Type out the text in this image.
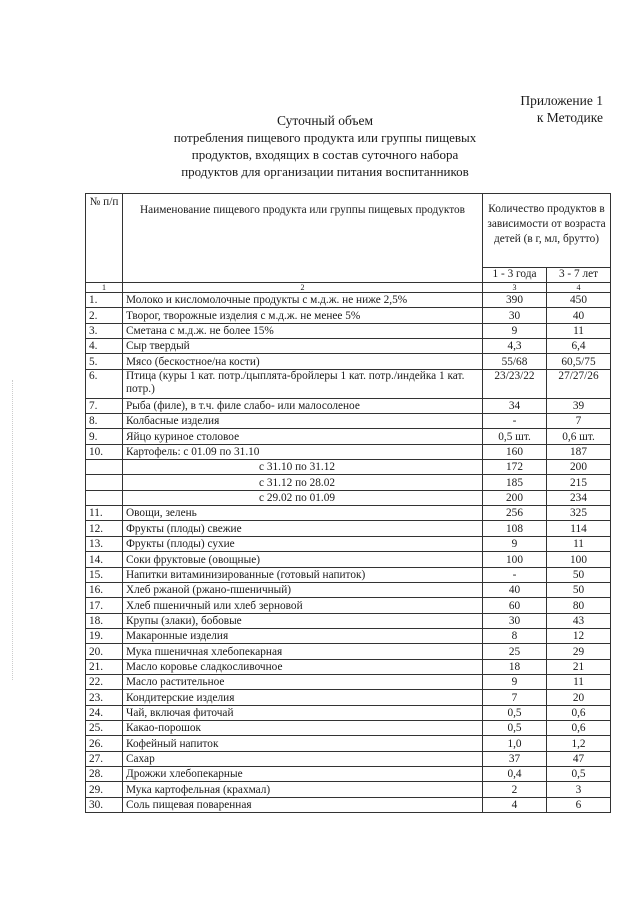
Приложение 1
к Методике
Суточный объем
потребления пищевого продукта или группы пищевых
продуктов, входящих в состав суточного набора
продуктов для организации питания воспитанников
№ п/п	Наименование пищевого продукта или группы пищевых продуктов	Количество продуктов в зависимости от возраста детей (в г, мл, брутто)	
		1 - 3 года	3 - 7 лет
1	2	3	4
1.	Молоко и кисломолочные продукты с м.д.ж. не ниже 2,5%	390	450
2.	Творог, творожные изделия с м.д.ж. не менее 5%	30	40
3.	Сметана с м.д.ж. не более 15%	9	11
4.	Сыр твердый	4,3	6,4
5.	Мясо (бескостное/на кости)	55/68	60,5/75
6.	Птица (куры 1 кат. потр./цыплята-бройлеры 1 кат. потр./индейка 1 кат. потр.)	23/23/22	27/27/26
7.	Рыба (филе), в т.ч. филе слабо- или малосоленое	34	39
8.	Колбасные изделия	-	7
9.	Яйцо куриное столовое	0,5 шт.	0,6 шт.
10.	Картофель: с 01.09 по 31.10	160	187
	с 31.10 по 31.12	172	200
	с 31.12 по 28.02	185	215
	с 29.02 по 01.09	200	234
11.	Овощи, зелень	256	325
12.	Фрукты (плоды) свежие	108	114
13.	Фрукты (плоды) сухие	9	11
14.	Соки фруктовые (овощные)	100	100
15.	Напитки витаминизированные (готовый напиток)	-	50
16.	Хлеб ржаной (ржано-пшеничный)	40	50
17.	Хлеб пшеничный или хлеб зерновой	60	80
18.	Крупы (злаки), бобовые	30	43
19.	Макаронные изделия	8	12
20.	Мука пшеничная хлебопекарная	25	29
21.	Масло коровье сладкосливочное	18	21
22.	Масло растительное	9	11
23.	Кондитерские изделия	7	20
24.	Чай, включая фиточай	0,5	0,6
25.	Какао-порошок	0,5	0,6
26.	Кофейный напиток	1,0	1,2
27.	Сахар	37	47
28.	Дрожжи хлебопекарные	0,4	0,5
29.	Мука картофельная (крахмал)	2	3
30.	Соль пищевая поваренная	4	6
